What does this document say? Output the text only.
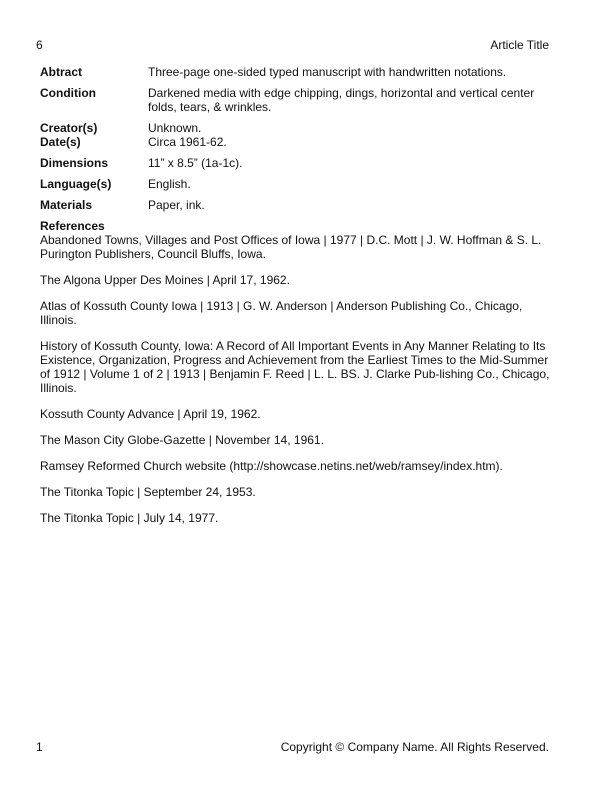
6	Article Title
Abtract	Three-page one-sided typed manuscript with handwritten notations.
Condition	Darkened media with edge chipping, dings, horizontal and vertical center folds, tears, & wrinkles.
Creator(s)	Unknown.
Date(s)	Circa 1961-62.
Dimensions	11” x 8.5” (1a-1c).
Language(s)	English.
Materials	Paper, ink.
References

Abandoned Towns, Villages and Post Offices of Iowa | 1977 | D.C. Mott | J. W. Hoffman & S. L. Purington Publishers, Council Bluffs, Iowa.

The Algona Upper Des Moines | April 17, 1962.

Atlas of Kossuth County Iowa | 1913 | G. W. Anderson | Anderson Publishing Co., Chicago, Illinois.

History of Kossuth County, Iowa: A Record of All Important Events in Any Manner Relating to Its Existence, Organization, Progress and Achievement from the Earliest Times to the Mid-Summer of 1912 | Volume 1 of 2 | 1913 | Benjamin F. Reed | L. L. BS. J. Clarke Pub-lishing Co., Chicago, Illinois.

Kossuth County Advance | April 19, 1962.

The Mason City Globe-Gazette | November 14, 1961.

Ramsey Reformed Church website (http://showcase.netins.net/web/ramsey/index.htm).

The Titonka Topic | September 24, 1953.

The Titonka Topic | July 14, 1977.

1	Copyright © Company Name. All Rights Reserved.
